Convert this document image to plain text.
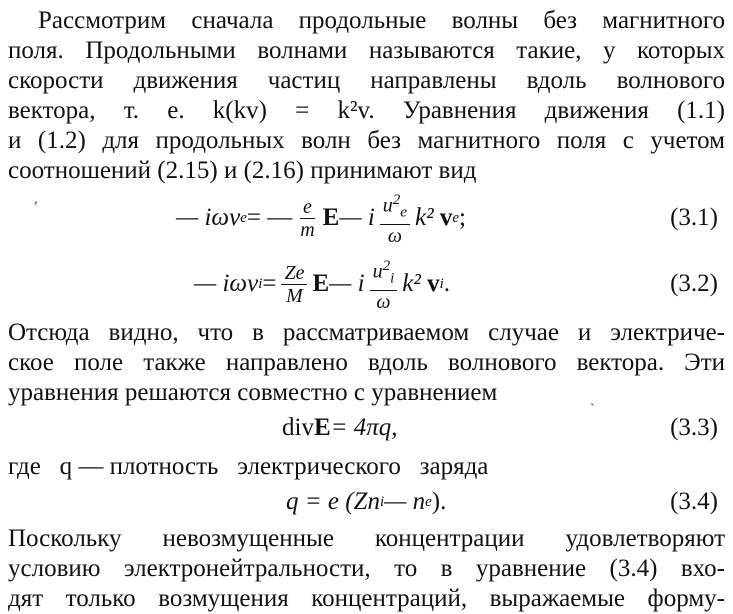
Рассмотрим сначала продольные волны без магнитного
поля. Продольными волнами называются такие, у которых
скорости движения частиц направлены вдоль волнового
вектора, т. е. k(kv) = k²v. Уравнения движения (1.1)
и (1.2) для продольных волн без магнитного поля с учетом
соотношений (2.15) и (2.16) принимают вид
,
— iωv e = — $\frac{e}{m}$ E — i $\frac{u^2_e}{\omega} k^2$
v e ;	(3.1)
— iωv $i = \frac{Ze}{M}$ E — i $\frac{u^2_i}{\omega} k^2$
v i .	(3.2)
Отсюда видно, что в рассматриваемом случае и электриче-
ское поле также направлено вдоль волнового вектора. Эти
уравнения решаются совместно с уравнением
`
div E = 4πq,	(3.3)
где   q — плотность   электрического   заряда
q = e (Zn i — n e ).	(3.4)
Поскольку невозмущенные концентрации удовлетворяют
условию электронейтральности, то в уравнение (3.4) вхо-
дят только возмущения концентраций, выражаемые форму-
